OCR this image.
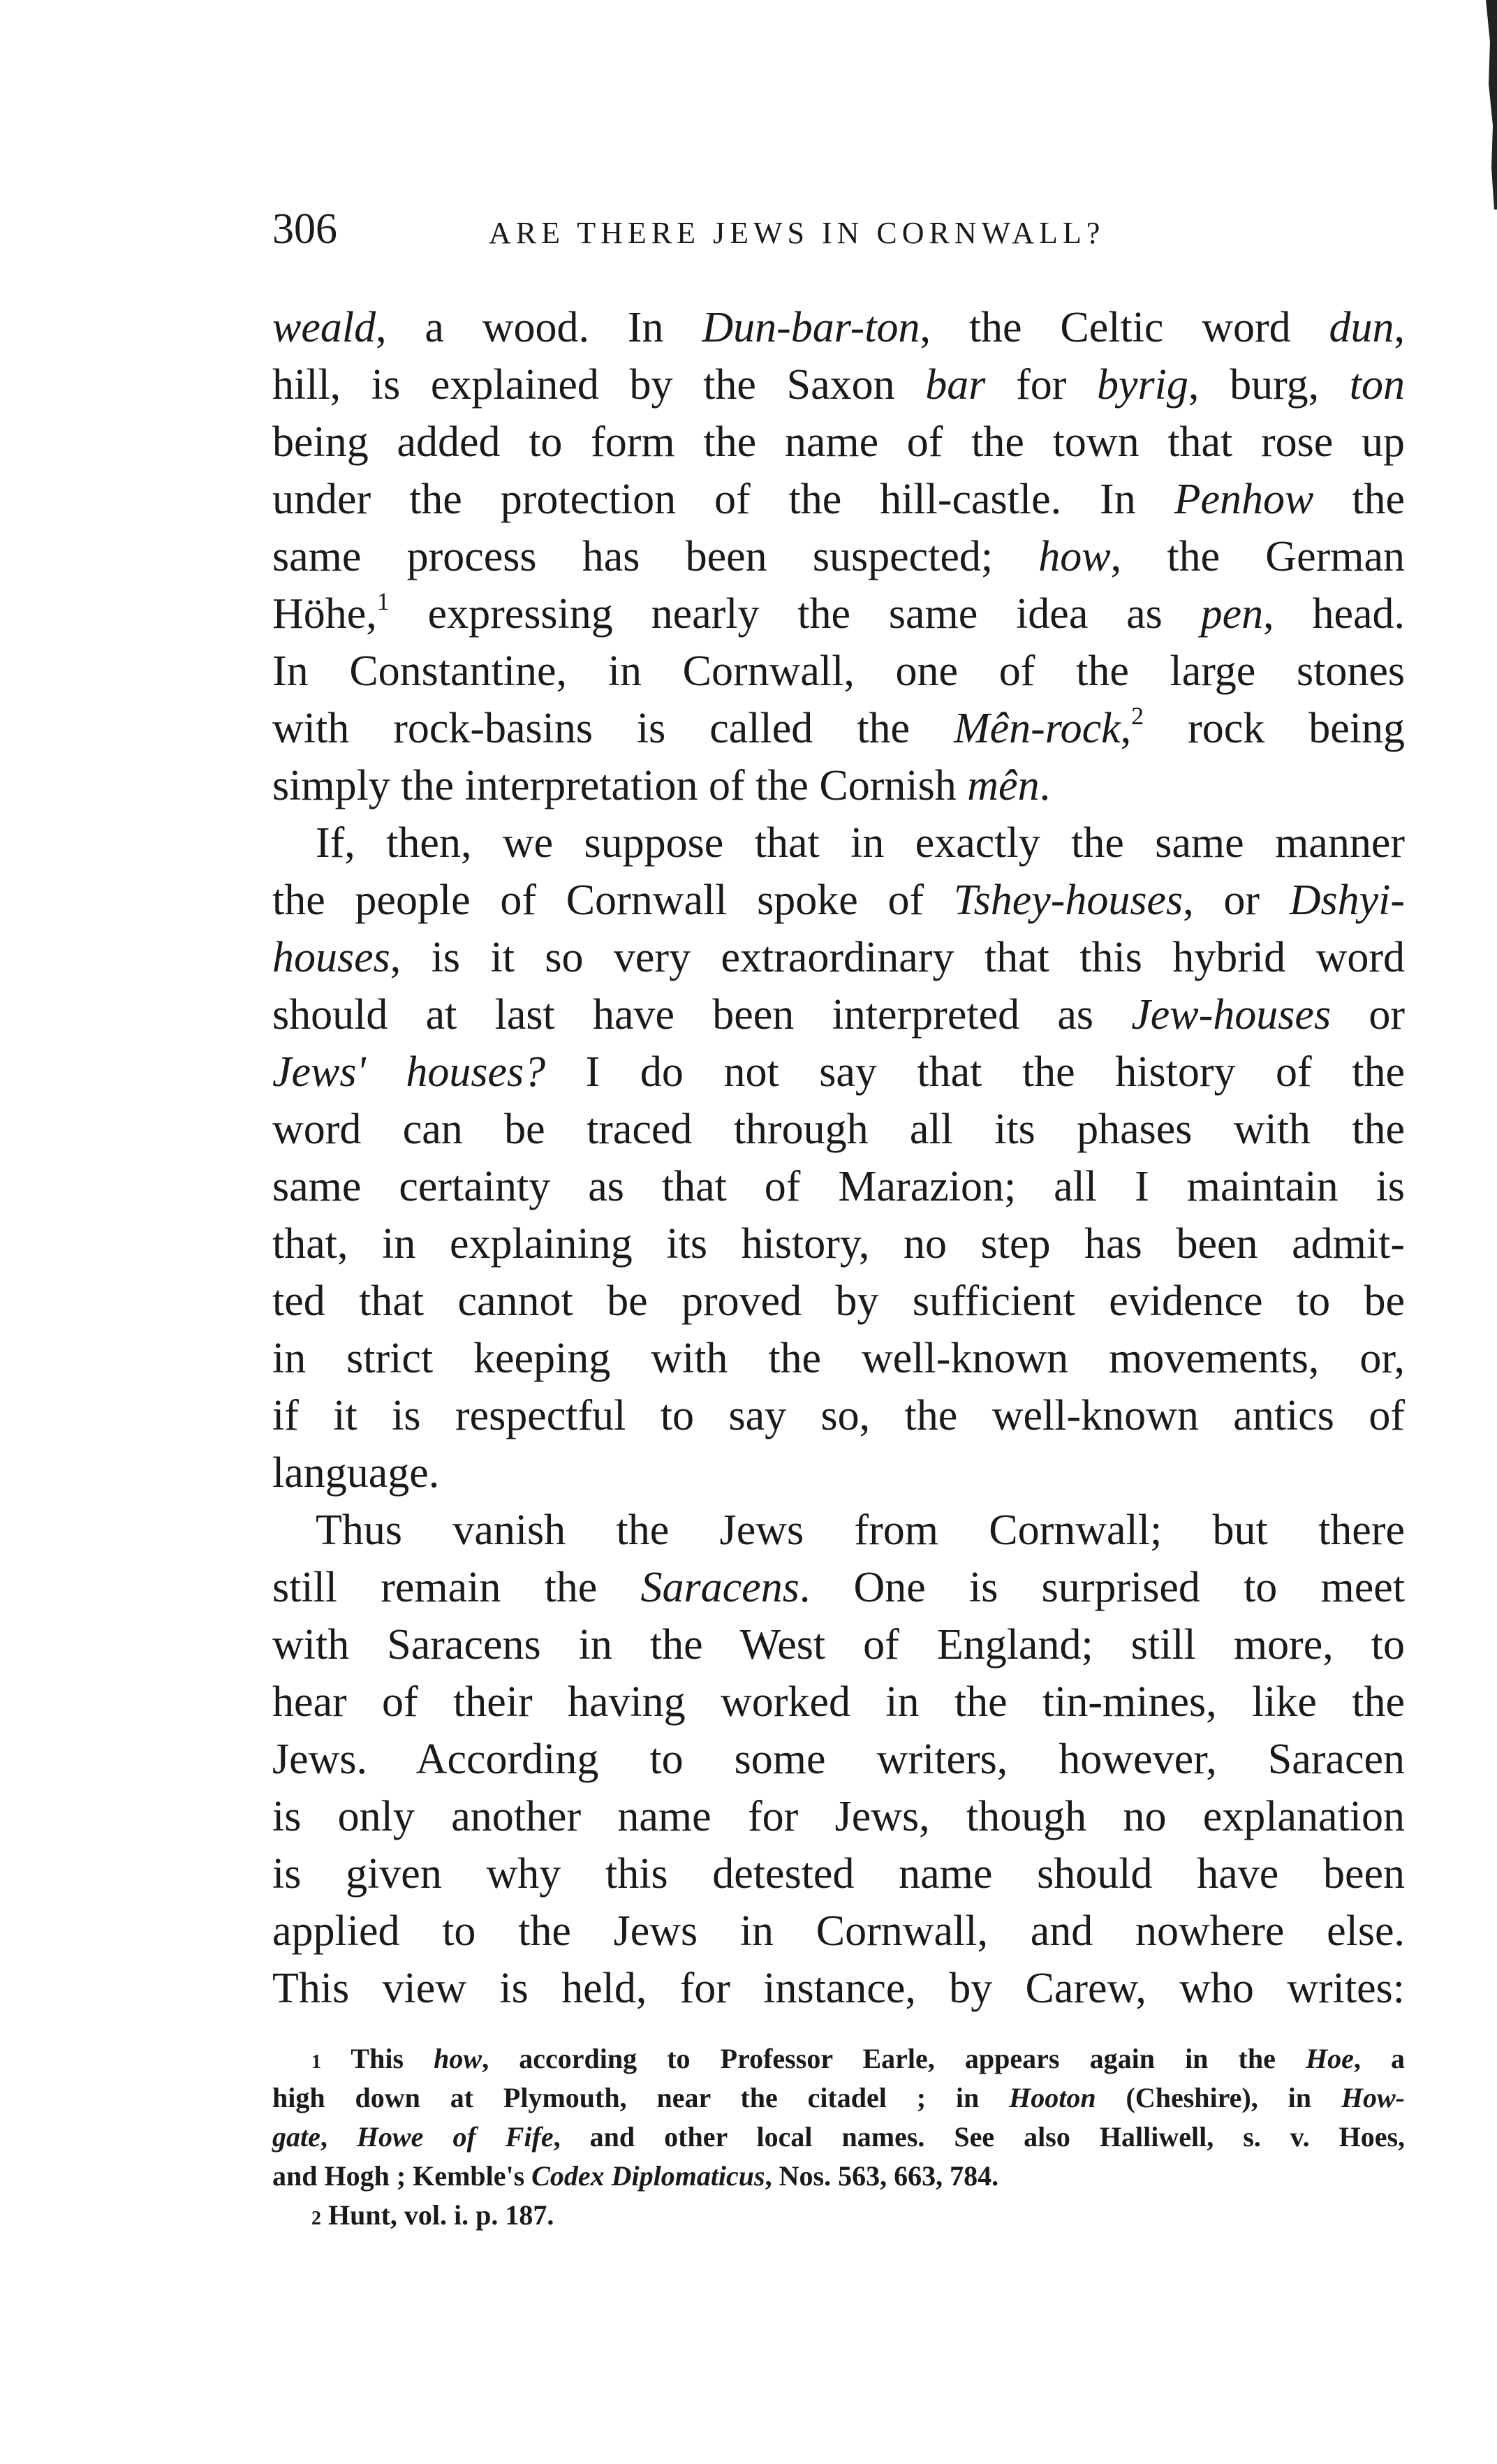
306	ARE THERE JEWS IN CORNWALL?
weald, a wood. In Dun-bar-ton, the Celtic word dun,
hill, is explained by the Saxon bar for byrig, burg, ton
being added to form the name of the town that rose up
under the protection of the hill-castle. In Penhow the
same process has been suspected; how, the German
Höhe,$^1$ expressing nearly the same idea as pen, head.
In Constantine, in Cornwall, one of the large stones
with rock-basins is called the Mên-rock,$^2$ rock being
simply the interpretation of the Cornish mên.
If, then, we suppose that in exactly the same manner
the people of Cornwall spoke of Tshey-houses, or Dshyi-
houses, is it so very extraordinary that this hybrid word
should at last have been interpreted as Jew-houses or
Jews' houses? I do not say that the history of the
word can be traced through all its phases with the
same certainty as that of Marazion; all I maintain is
that, in explaining its history, no step has been admit-
ted that cannot be proved by sufficient evidence to be
in strict keeping with the well-known movements, or,
if it is respectful to say so, the well-known antics of
language.
Thus vanish the Jews from Cornwall; but there
still remain the Saracens. One is surprised to meet
with Saracens in the West of England; still more, to
hear of their having worked in the tin-mines, like the
Jews. According to some writers, however, Saracen
is only another name for Jews, though no explanation
is given why this detested name should have been
applied to the Jews in Cornwall, and nowhere else.
This view is held, for instance, by Carew, who writes:
1 This how, according to Professor Earle, appears again in the Hoe, a
high down at Plymouth, near the citadel ; in Hooton (Cheshire), in How-
gate, Howe of Fife, and other local names. See also Halliwell, s. v. Hoes,
and Hogh ; Kemble's Codex Diplomaticus, Nos. 563, 663, 784.
2 Hunt, vol. i. p. 187.
